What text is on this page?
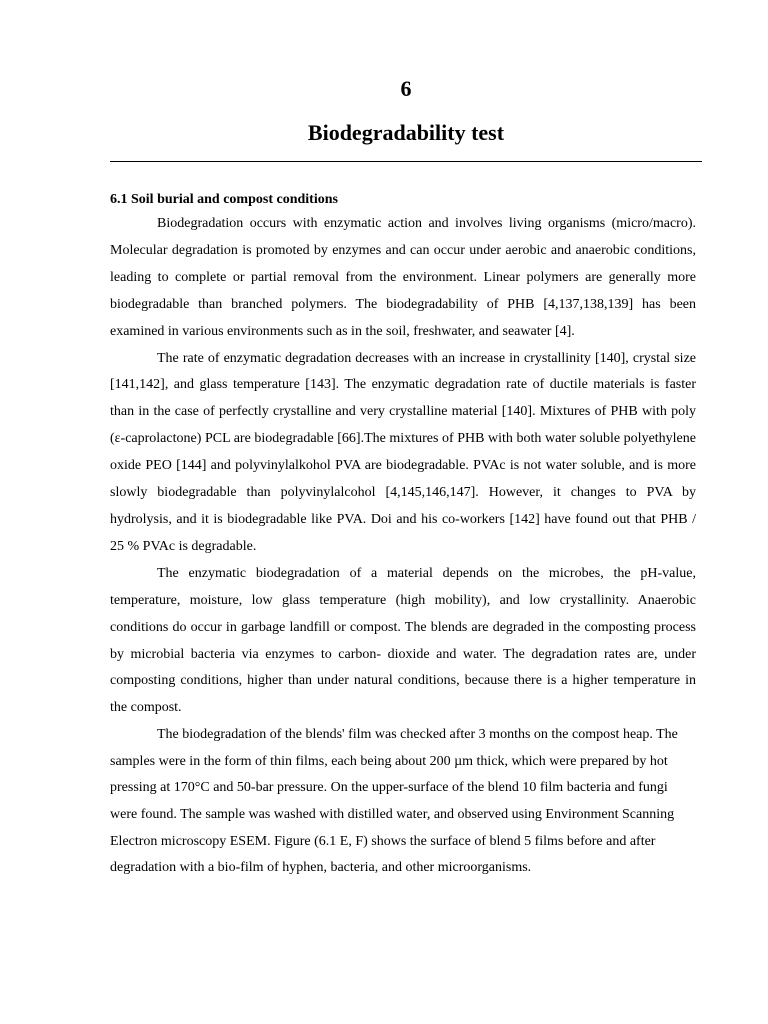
6
Biodegradability test

6.1 Soil burial and compost conditions

Biodegradation occurs with enzymatic action and involves living organisms (micro/macro). Molecular degradation is promoted by enzymes and can occur under aerobic and anaerobic conditions, leading to complete or partial removal from the environment. Linear polymers are generally more biodegradable than branched polymers. The biodegradability of PHB [4,137,138,139] has been examined in various environments such as in the soil, freshwater, and seawater [4].

The rate of enzymatic degradation decreases with an increase in crystallinity [140], crystal size [141,142], and glass temperature [143]. The enzymatic degradation rate of ductile materials is faster than in the case of perfectly crystalline and very crystalline material [140]. Mixtures of PHB with poly (ε-caprolactone) PCL are biodegradable [66].The mixtures of PHB with both water soluble polyethylene oxide PEO [144] and polyvinylalkohol PVA are biodegradable. PVAc is not water soluble, and is more slowly biodegradable than polyvinylalcohol [4,145,146,147]. However, it changes to PVA by hydrolysis, and it is biodegradable like PVA. Doi and his co-workers [142] have found out that PHB / 25 % PVAc is degradable.

The enzymatic biodegradation of a material depends on the microbes, the pH-value, temperature, moisture, low glass temperature (high mobility), and low crystallinity. Anaerobic conditions do occur in garbage landfill or compost. The blends are degraded in the composting process by microbial bacteria via enzymes to carbon- dioxide and water. The degradation rates are, under composting conditions, higher than under natural conditions, because there is a higher temperature in the compost.

The biodegradation of the blends' film was checked after 3 months on the compost heap. The samples were in the form of thin films, each being about 200 µm thick, which were prepared by hot pressing at 170°C and 50-bar pressure. On the upper-surface of the blend 10 film bacteria and fungi were found. The sample was washed with distilled water, and observed using Environment Scanning Electron microscopy ESEM. Figure (6.1 E, F) shows the surface of blend 5 films before and after degradation with a bio-film of hyphen, bacteria, and other microorganisms.
